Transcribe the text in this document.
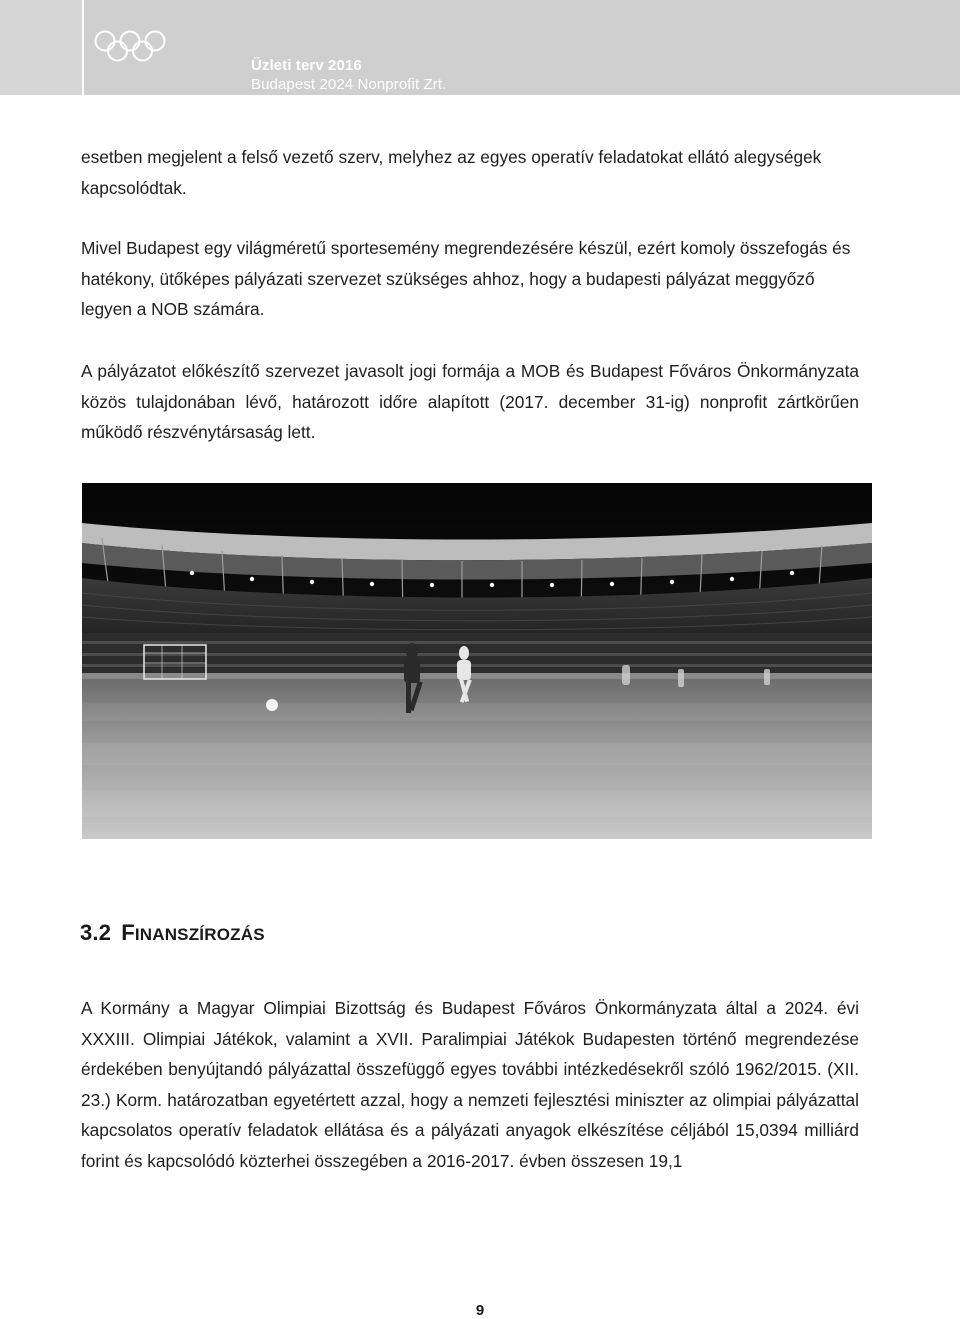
Üzleti terv 2016
Budapest 2024 Nonprofit Zrt.

esetben megjelent a felső vezető szerv, melyhez az egyes operatív feladatokat ellátó alegységek kapcsolódtak.

Mivel Budapest egy világméretű sportesemény megrendezésére készül, ezért komoly összefogás és hatékony, ütőképes pályázati szervezet szükséges ahhoz, hogy a budapesti pályázat meggyőző legyen a NOB számára.

A pályázatot előkészítő szervezet javasolt jogi formája a MOB és Budapest Főváros Önkormányzata közös tulajdonában lévő, határozott időre alapított (2017. december 31-ig) nonprofit zártkörűen működő részvénytársaság lett.

3.2 FINANSZÍROZÁS

A Kormány a Magyar Olimpiai Bizottság és Budapest Főváros Önkormányzata által a 2024. évi XXXIII. Olimpiai Játékok, valamint a XVII. Paralimpiai Játékok Budapesten történő megrendezése érdekében benyújtandó pályázattal összefüggő egyes további intézkedésekről szóló 1962/2015. (XII. 23.) Korm. határozatban egyetértett azzal, hogy a nemzeti fejlesztési miniszter az olimpiai pályázattal kapcsolatos operatív feladatok ellátása és a pályázati anyagok elkészítése céljából 15,0394 milliárd forint és kapcsolódó közterhei összegében a 2016-2017. évben összesen 19,1

9
